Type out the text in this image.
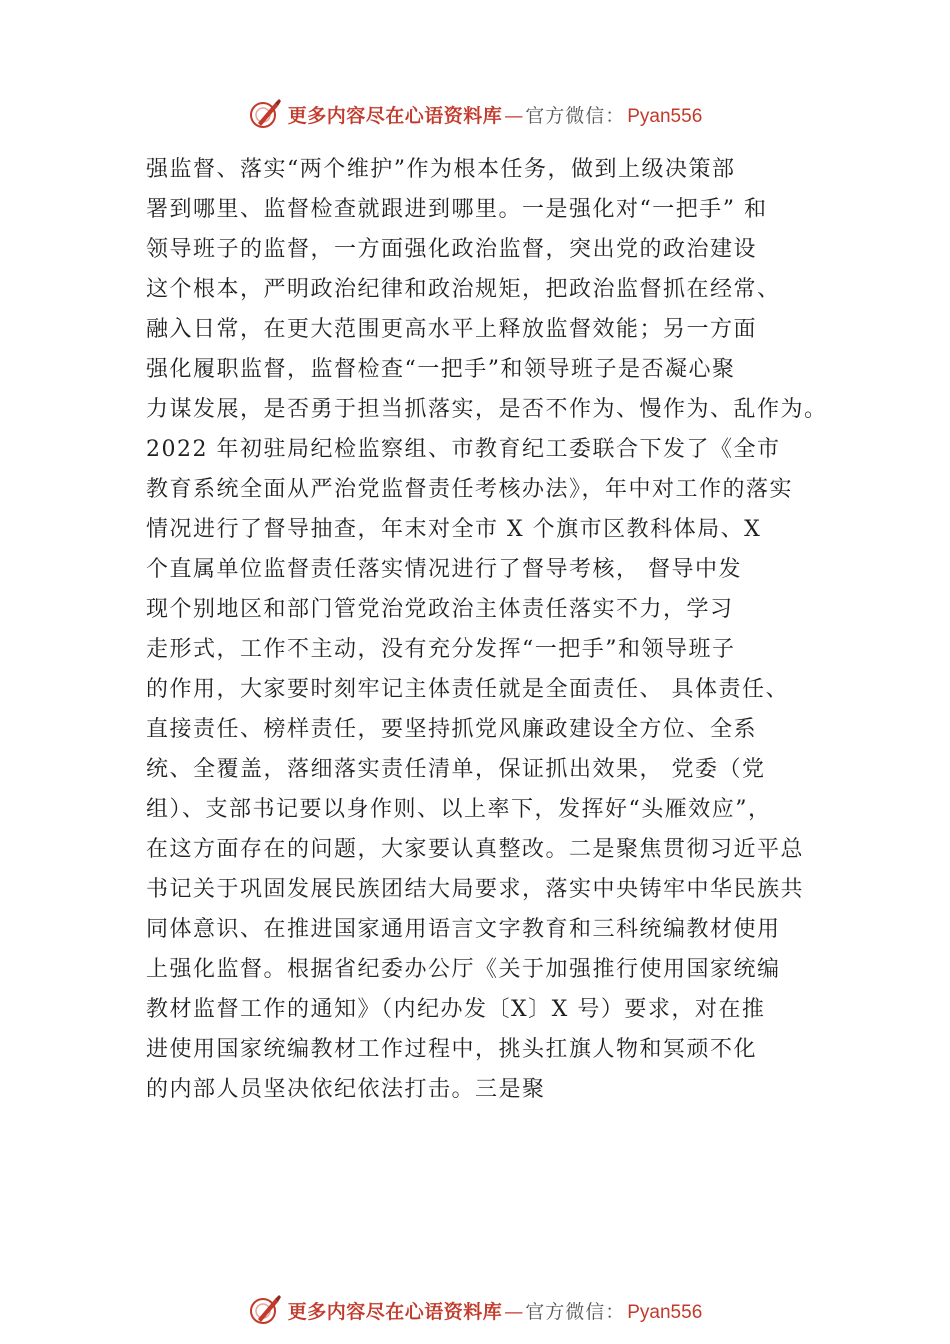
更多内容尽在心语资料库 — 官方微信： Pyan556
强监督、落实“两个维护”作为根本任务，做到上级决策部
署到哪里、监督检查就跟进到哪里。一是强化对“一把手” 和
领导班子的监督，一方面强化政治监督，突出党的政治建设
这个根本，严明政治纪律和政治规矩，把政治监督抓在经常、
融入日常，在更大范围更高水平上释放监督效能；另一方面
强化履职监督，监督检查“一把手”和领导班子是否凝心聚
力谋发展，是否勇于担当抓落实，是否不作为、慢作为、乱作为。
2022 年初驻局纪检监察组、市教育纪工委联合下发了《全市
教育系统全面从严治党监督责任考核办法》，年中对工作的落实
情况进行了督导抽查，年末对全市 X 个旗市区教科体局、X
个直属单位监督责任落实情况进行了督导考核， 督导中发
现个别地区和部门管党治党政治主体责任落实不力，学习
走形式，工作不主动，没有充分发挥“一把手”和领导班子
的作用，大家要时刻牢记主体责任就是全面责任、 具体责任、
直接责任、榜样责任，要坚持抓党风廉政建设全方位、全系
统、全覆盖，落细落实责任清单，保证抓出效果， 党委（党
组）、支部书记要以身作则、以上率下，发挥好“头雁效应”，
在这方面存在的问题，大家要认真整改。二是聚焦贯彻习近平总
书记关于巩固发展民族团结大局要求，落实中央铸牢中华民族共
同体意识、在推进国家通用语言文字教育和三科统编教材使用
上强化监督。根据省纪委办公厅《关于加强推行使用国家统编
教材监督工作的通知》（内纪办发〔X〕X 号）要求，对在推
进使用国家统编教材工作过程中，挑头扛旗人物和冥顽不化
的内部人员坚决依纪依法打击。三是聚
更多内容尽在心语资料库 — 官方微信： Pyan556
